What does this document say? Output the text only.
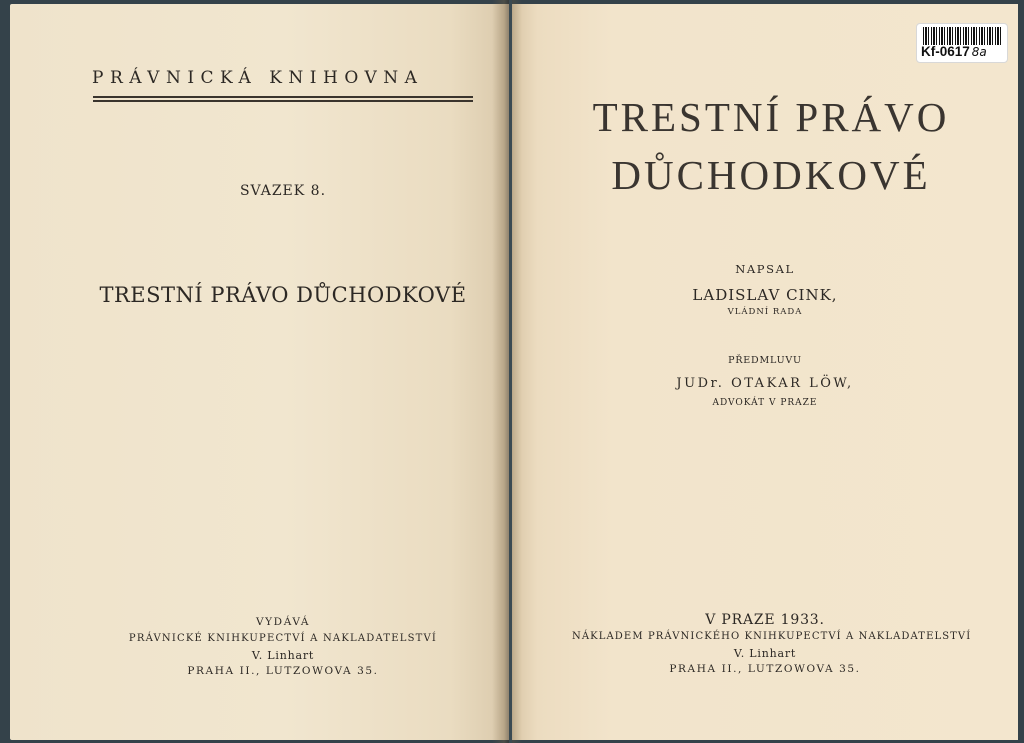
PRÁVNICKÁ KNIHOVNA
SVAZEK 8.
TRESTNÍ PRÁVO DŮCHODKOVÉ
VYDÁVÁ
PRÁVNICKÉ KNIHKUPECTVÍ A NAKLADATELSTVÍ
V. Linhart
PRAHA II., LUTZOWOVA 35.
TRESTNÍ PRÁVO
DŮCHODKOVÉ
NAPSAL
LADISLAV CINK,
VLÁDNÍ RADA
PŘEDMLUVU
JUDr. OTAKAR LÖW,
ADVOKÁT V PRAZE
V PRAZE 1933.
NÁKLADEM PRÁVNICKÉHO KNIHKUPECTVÍ A NAKLADATELSTVÍ
V. Linhart
PRAHA II., LUTZOWOVA 35.
Kf-0617 8a
